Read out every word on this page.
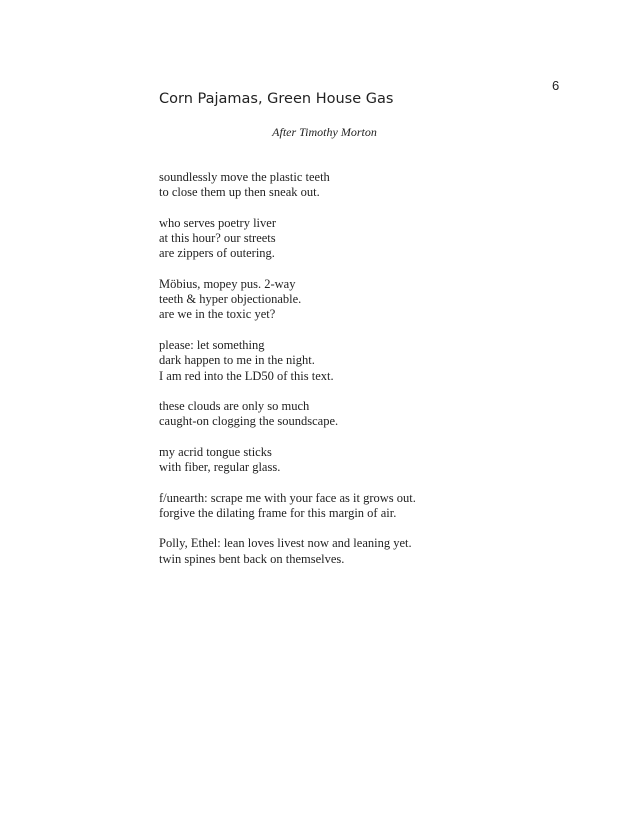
6
Corn Pajamas, Green House Gas

After Timothy Morton

soundlessly move the plastic teeth
to close them up then sneak out.
who serves poetry liver
at this hour? our streets
are zippers of outering.
Möbius, mopey pus. 2-way
teeth & hyper objectionable.
are we in the toxic yet?
please: let something
dark happen to me in the night.
I am red into the LD50 of this text.
these clouds are only so much
caught-on clogging the soundscape.
my acrid tongue sticks
with fiber, regular glass.
f/unearth: scrape me with your face as it grows out.
forgive the dilating frame for this margin of air.
Polly, Ethel: lean loves livest now and leaning yet.
twin spines bent back on themselves.
